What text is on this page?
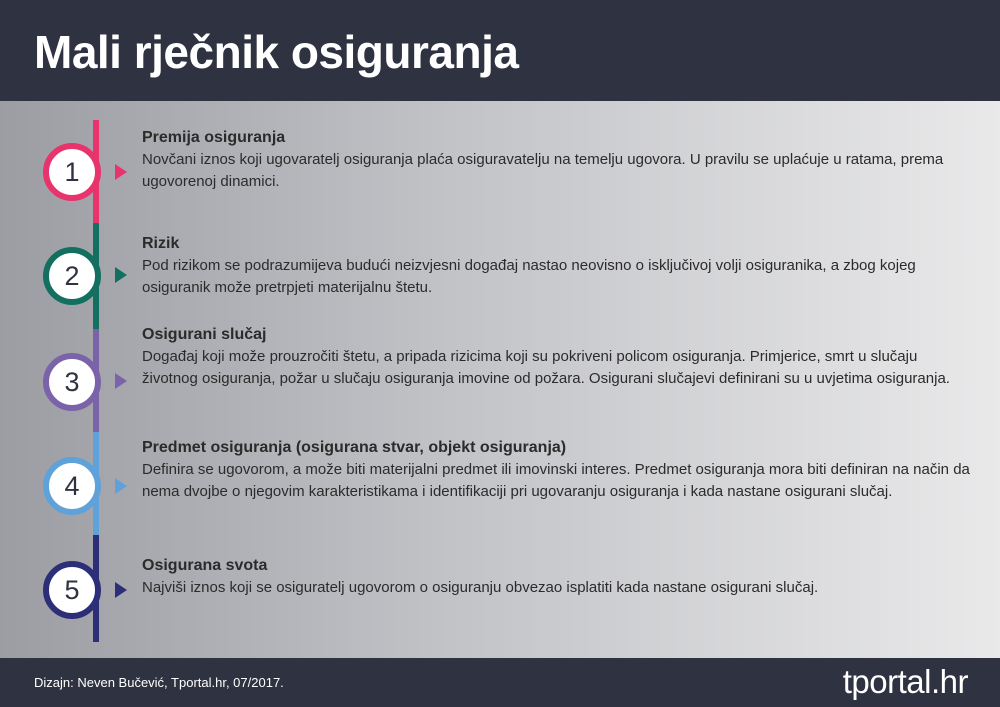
Mali rječnik osiguranja
1
Premija osiguranja
Novčani iznos koji ugovaratelj osiguranja plaća osiguravatelju na temelju ugovora. U pravilu se uplaćuje u ratama, prema ugovorenoj dinamici.
2
Rizik
Pod rizikom se podrazumijeva budući neizvjesni događaj nastao neovisno o isključivoj volji osiguranika, a zbog kojeg osiguranik može pretrpjeti materijalnu štetu.
3
Osigurani slučaj
Događaj koji može prouzročiti štetu, a pripada rizicima koji su pokriveni policom osiguranja. Primjerice, smrt u slučaju životnog osiguranja, požar u slučaju osiguranja imovine od požara. Osigurani slučajevi definirani su u uvjetima osiguranja.
4
Predmet osiguranja (osigurana stvar, objekt osiguranja)
Definira se ugovorom, a može biti materijalni predmet ili imovinski interes. Predmet osiguranja mora biti definiran na način da nema dvojbe o njegovim karakteristikama i identifikaciji pri ugovaranju osiguranja i kada nastane osigurani slučaj.
5
Osigurana svota
Najviši iznos koji se osiguratelj ugovorom o osiguranju obvezao isplatiti kada nastane osigurani slučaj.
Dizajn: Neven Bučević, Tportal.hr, 07/2017.	tportal.hr
